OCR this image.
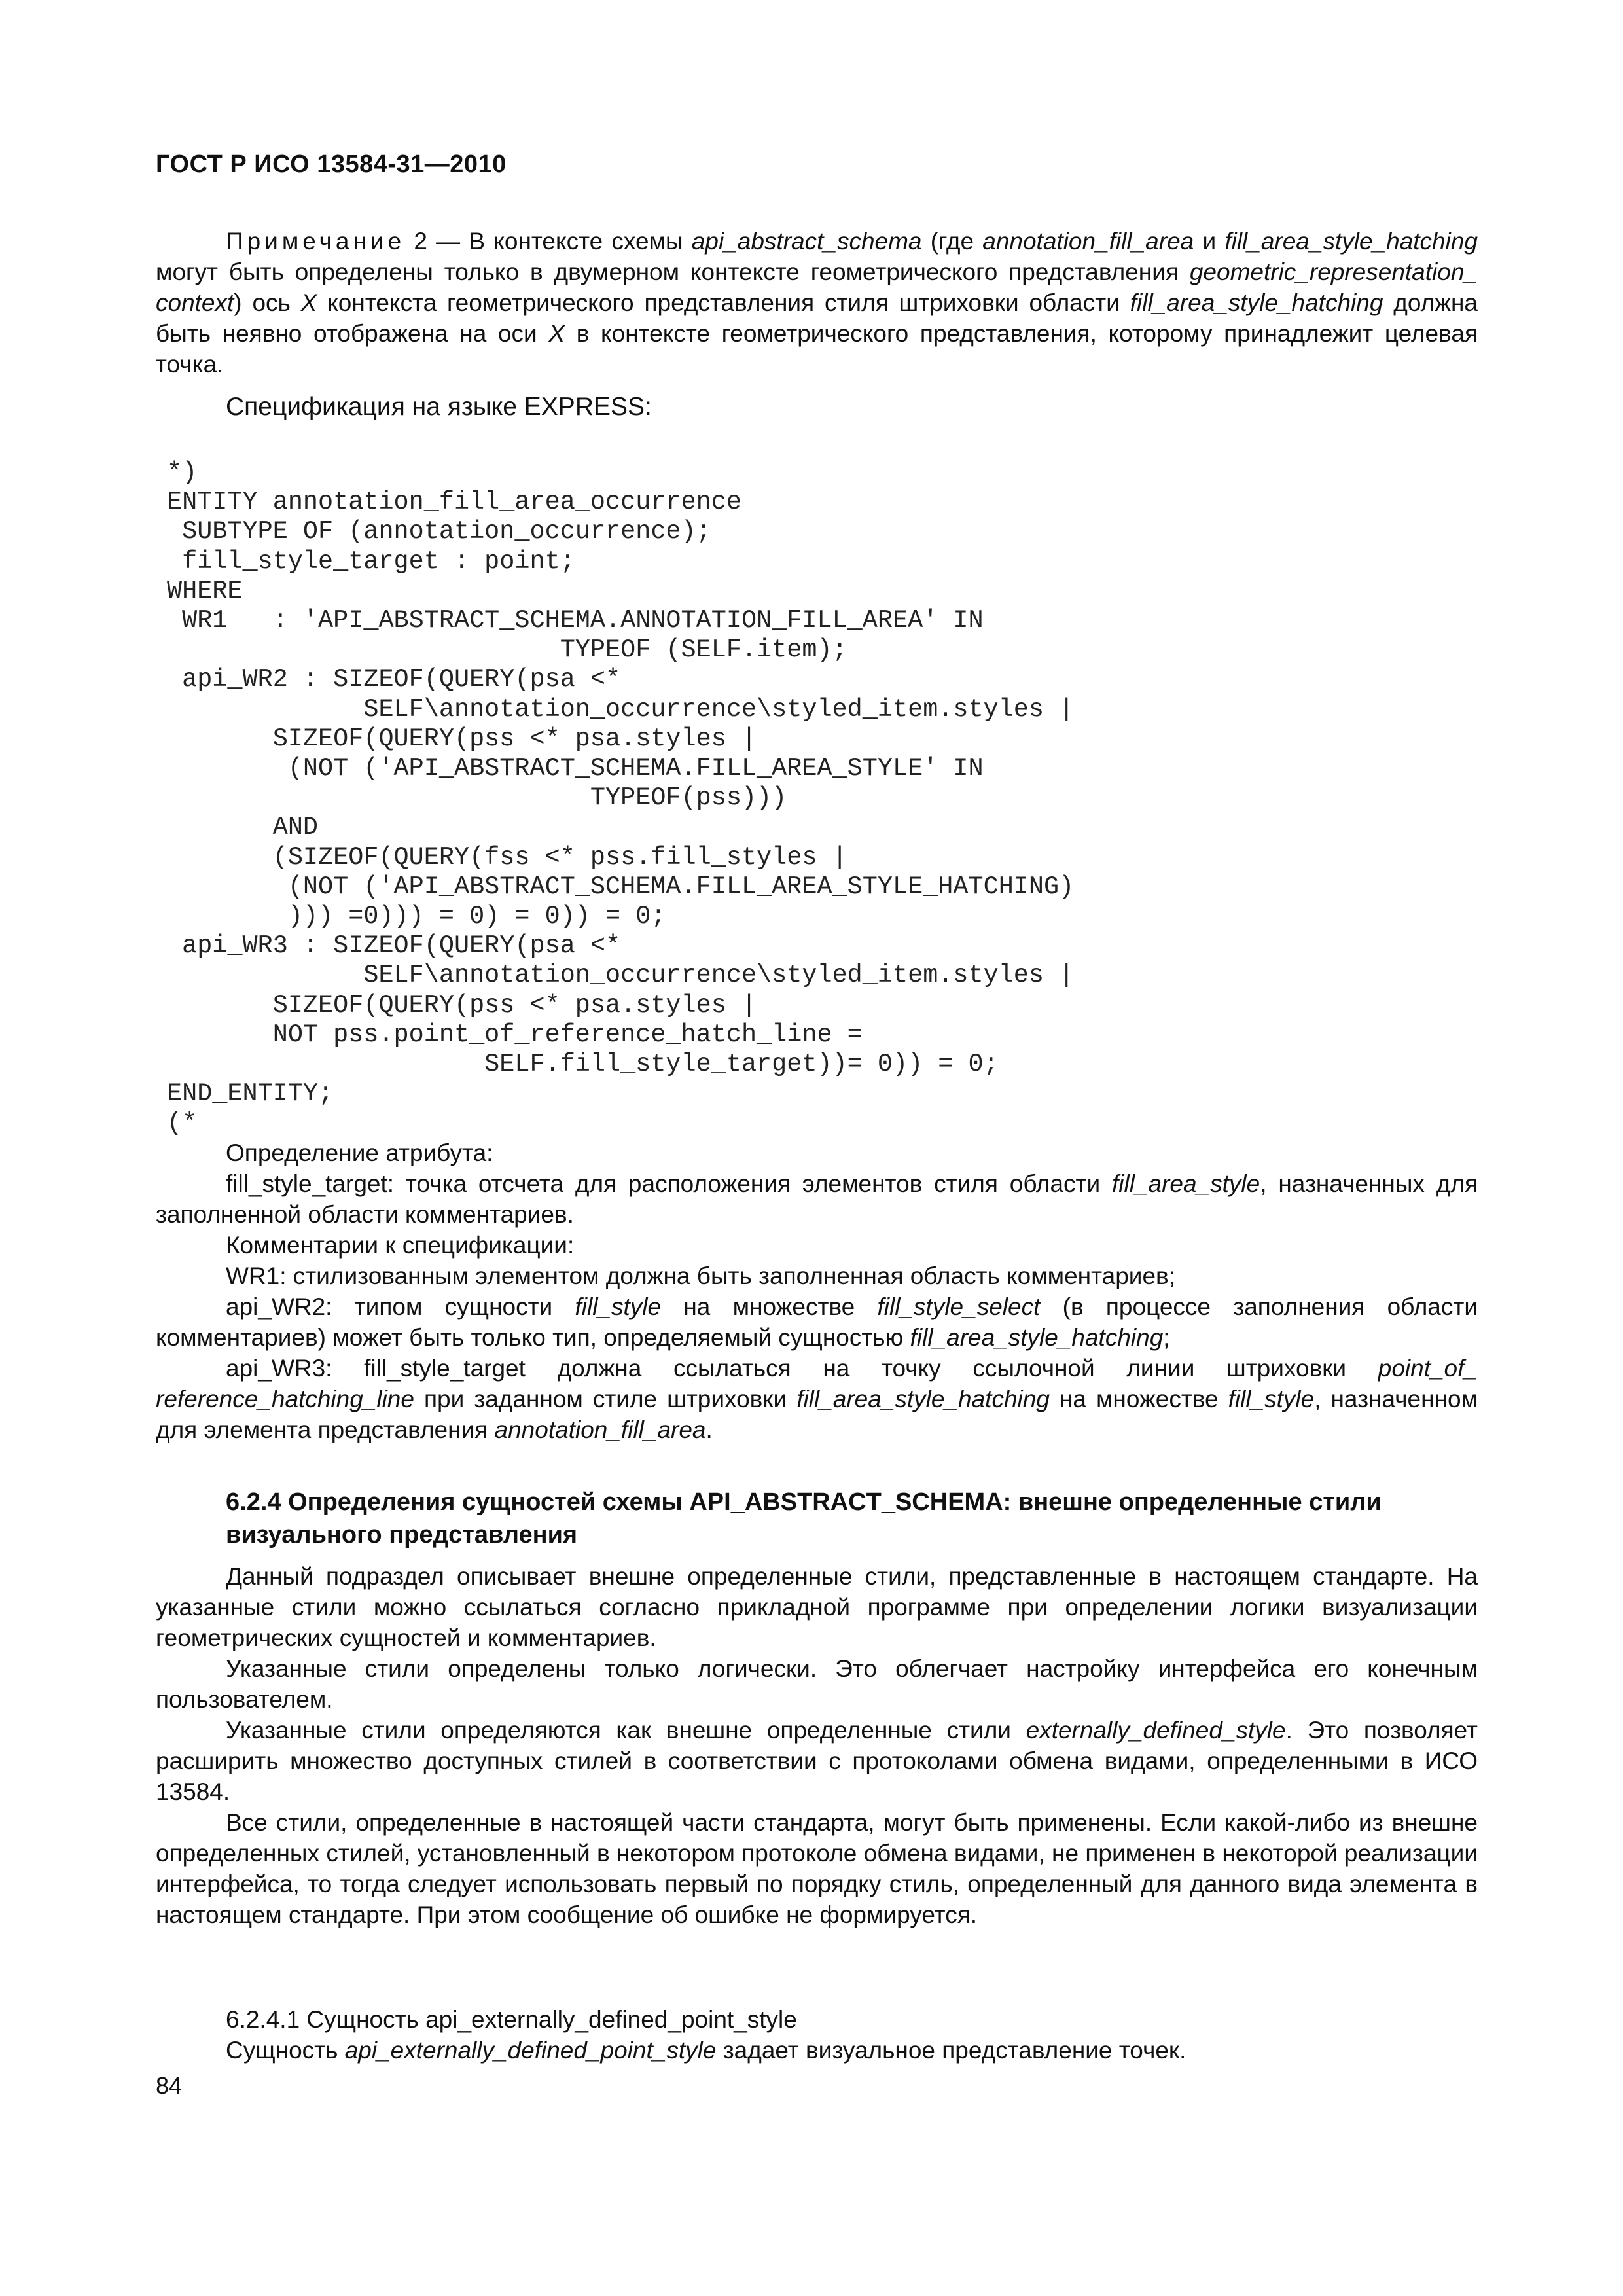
ГОСТ Р ИСО 13584-31—2010
Примечание 2 — В контексте схемы api_abstract_schema (где annotation_fill_area и fill_area_style_hatching могут быть определены только в двумерном контексте геометрического представления geometric_representation_ context) ось X контекста геометрического представления стиля штриховки области fill_area_style_hatching должна быть неявно отображена на оси X в контексте геометрического представления, которому принадлежит целевая точка.
Спецификация на языке EXPRESS:
*)
ENTITY annotation_fill_area_occurrence
SUBTYPE OF (annotation_occurrence);
fill_style_target : point;
WHERE
WR1   : 'API_ABSTRACT_SCHEMA.ANNOTATION_FILL_AREA' IN
TYPEOF (SELF.item);
api_WR2 : SIZEOF(QUERY(psa <*
SELF\annotation_occurrence\styled_item.styles |
SIZEOF(QUERY(pss <* psa.styles |
(NOT ('API_ABSTRACT_SCHEMA.FILL_AREA_STYLE' IN
TYPEOF(pss)))
AND
(SIZEOF(QUERY(fss <* pss.fill_styles |
(NOT ('API_ABSTRACT_SCHEMA.FILL_AREA_STYLE_HATCHING)
))) =0))) = 0) = 0)) = 0;
api_WR3 : SIZEOF(QUERY(psa <*
SELF\annotation_occurrence\styled_item.styles |
SIZEOF(QUERY(pss <* psa.styles |
NOT pss.point_of_reference_hatch_line =
SELF.fill_style_target))= 0)) = 0;
END_ENTITY;
(*

Определение атрибута:

fill_style_target: точка отсчета для расположения элементов стиля области fill_area_style, назначенных для заполненной области комментариев.

Комментарии к спецификации:

WR1: стилизованным элементом должна быть заполненная область комментариев;

api_WR2: типом сущности fill_style на множестве fill_style_select (в процессе заполнения области комментариев) может быть только тип, определяемый сущностью fill_area_style_hatching;

api_WR3: fill_style_target должна ссылаться на точку ссылочной линии штриховки point_of_ reference_hatching_line при заданном стиле штриховки fill_area_style_hatching на множестве fill_style, назначенном для элемента представления annotation_fill_area.

6.2.4 Определения сущностей схемы API_ABSTRACT_SCHEMA: внешне определенные стили визуального представления

Данный подраздел описывает внешне определенные стили, представленные в настоящем стандарте. На указанные стили можно ссылаться согласно прикладной программе при определении логики визуализации геометрических сущностей и комментариев.

Указанные стили определены только логически. Это облегчает настройку интерфейса его конечным пользователем.

Указанные стили определяются как внешне определенные стили externally_defined_style. Это позволяет расширить множество доступных стилей в соответствии с протоколами обмена видами, определенными в ИСО 13584.

Все стили, определенные в настоящей части стандарта, могут быть применены. Если какой-либо из внешне определенных стилей, установленный в некотором протоколе обмена видами, не применен в некоторой реализации интерфейса, то тогда следует использовать первый по порядку стиль, определенный для данного вида элемента в настоящем стандарте. При этом сообщение об ошибке не формируется.

6.2.4.1 Сущность api_externally_defined_point_style

Сущность api_externally_defined_point_style задает визуальное представление точек.

84
